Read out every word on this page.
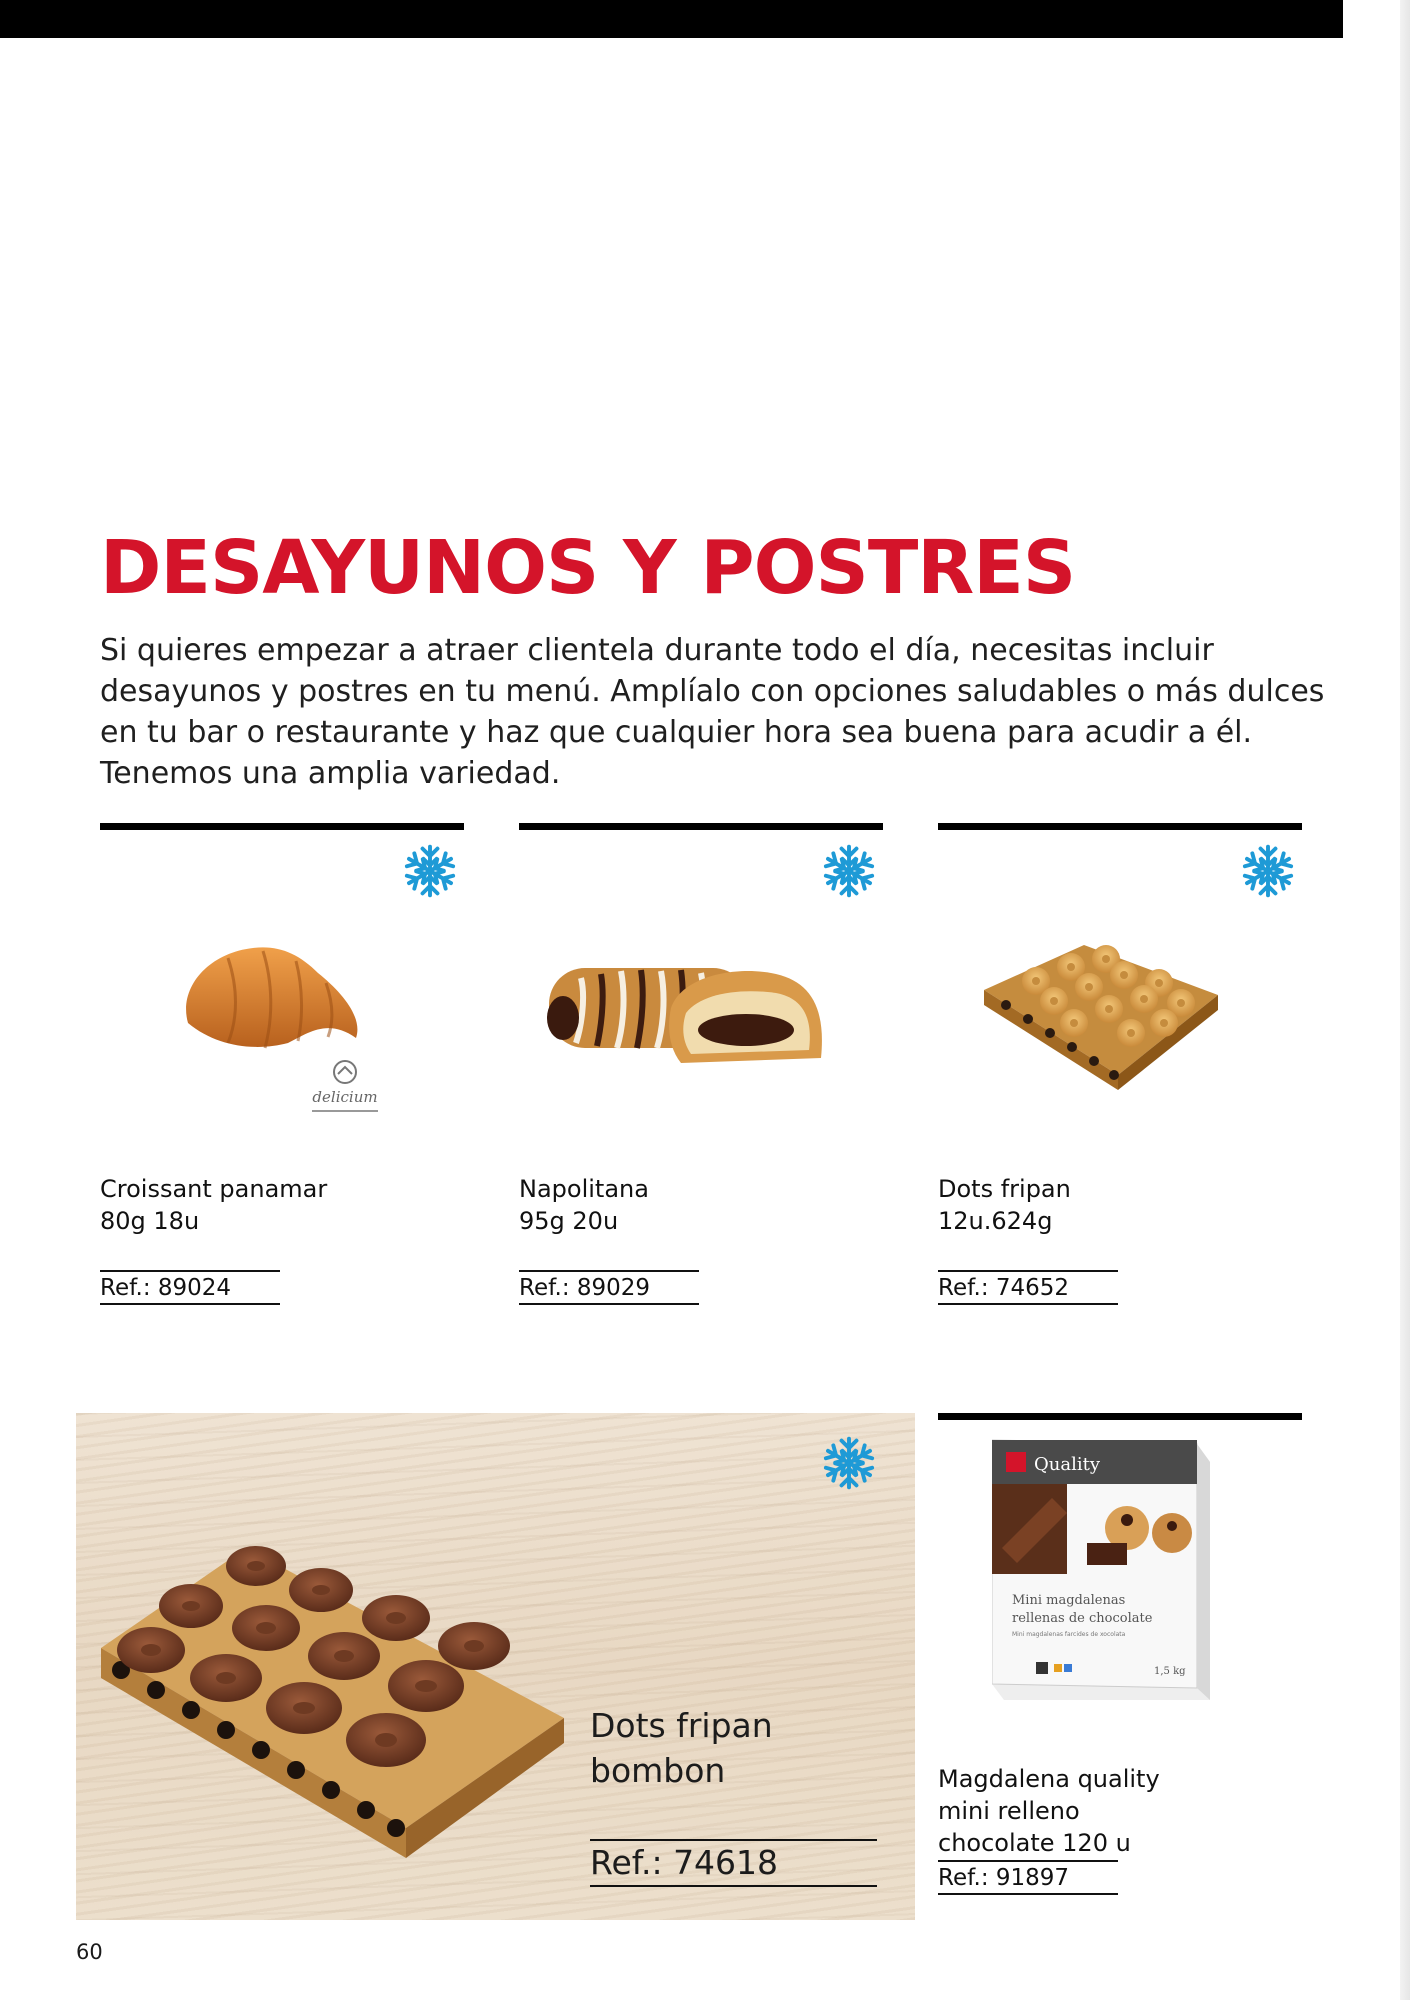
DESAYUNOS Y POSTRES

Si quieres empezar a atraer clientela durante todo el día, necesitas incluir desayunos y postres en tu menú. Amplíalo con opciones saludables o más dulces en tu bar o restaurante y haz que cualquier hora sea buena para acudir a él. Tenemos una amplia variedad.

delicium
Croissant panamar
80g 18u
Ref.: 89024
Napolitana
95g 20u
Ref.: 89029
Dots fripan
12u.624g
Ref.: 74652
Dots fripan
bombon
Ref.: 74618
Quality
Mini magdalenas
rellenas de chocolate
Mini magdalenas farcides de xocolata
1,5 kg
Magdalena quality
mini relleno
chocolate 120 u
Ref.: 91897
60
